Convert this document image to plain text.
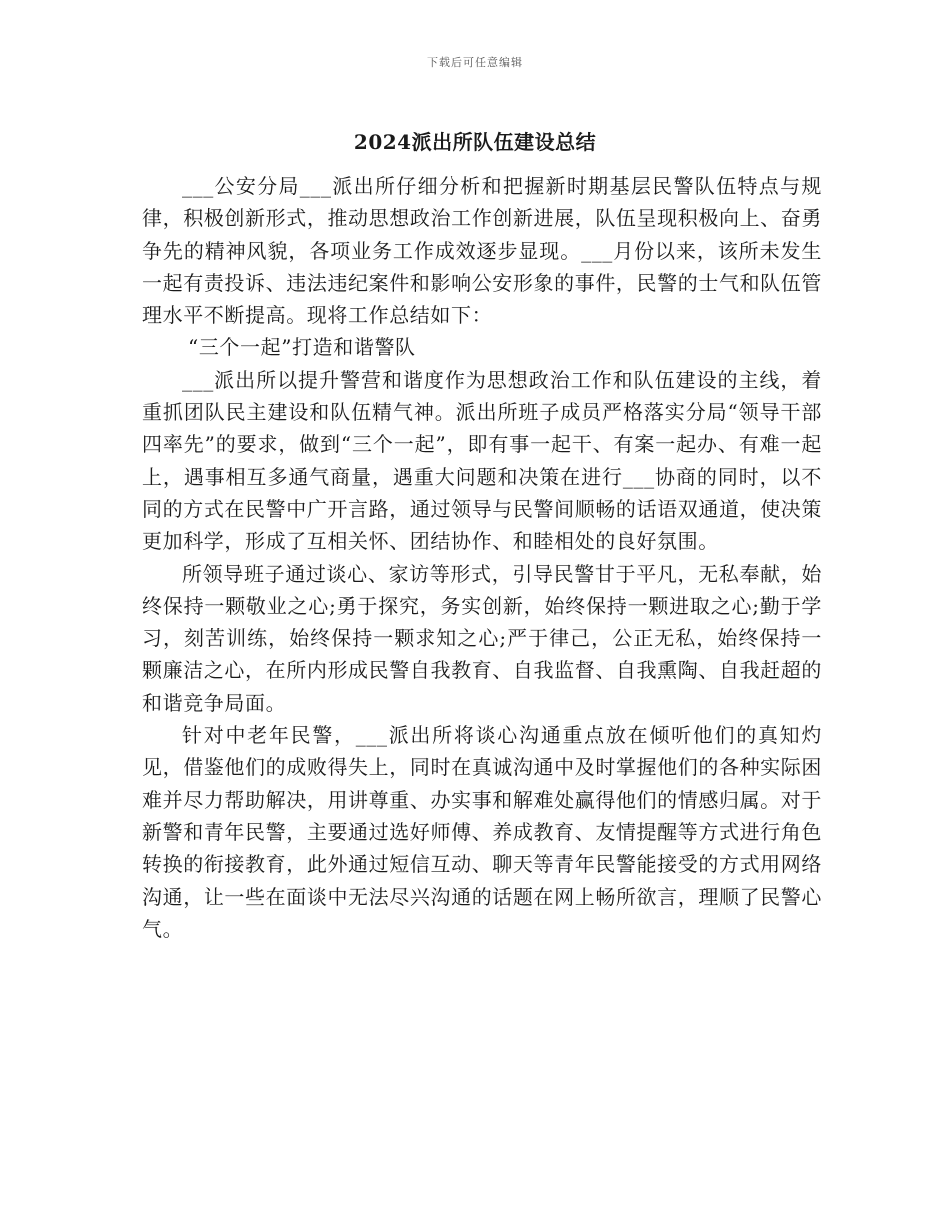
下载后可任意编辑
2024派出所队伍建设总结

___公安分局___派出所仔细分析和把握新时期基层民警队伍特点与规律，积极创新形式，推动思想政治工作创新进展，队伍呈现积极向上、奋勇争先的精神风貌，各项业务工作成效逐步显现。___月份以来，该所未发生一起有责投诉、违法违纪案件和影响公安形象的事件，民警的士气和队伍管理水平不断提高。现将工作总结如下：

“三个一起”打造和谐警队

___派出所以提升警营和谐度作为思想政治工作和队伍建设的主线，着重抓团队民主建设和队伍精气神。派出所班子成员严格落实分局“领导干部四率先”的要求，做到“三个一起”，即有事一起干、有案一起办、有难一起上，遇事相互多通气商量，遇重大问题和决策在进行___协商的同时，以不同的方式在民警中广开言路，通过领导与民警间顺畅的话语双通道，使决策更加科学，形成了互相关怀、团结协作、和睦相处的良好氛围。

所领导班子通过谈心、家访等形式，引导民警甘于平凡，无私奉献，始终保持一颗敬业之心;勇于探究，务实创新，始终保持一颗进取之心;勤于学习，刻苦训练，始终保持一颗求知之心;严于律己，公正无私，始终保持一颗廉洁之心，在所内形成民警自我教育、自我监督、自我熏陶、自我赶超的和谐竞争局面。

针对中老年民警，___派出所将谈心沟通重点放在倾听他们的真知灼见，借鉴他们的成败得失上，同时在真诚沟通中及时掌握他们的各种实际困难并尽力帮助解决，用讲尊重、办实事和解难处赢得他们的情感归属。对于新警和青年民警，主要通过选好师傅、养成教育、友情提醒等方式进行角色转换的衔接教育，此外通过短信互动、聊天等青年民警能接受的方式用网络沟通，让一些在面谈中无法尽兴沟通的话题在网上畅所欲言，理顺了民警心气。
